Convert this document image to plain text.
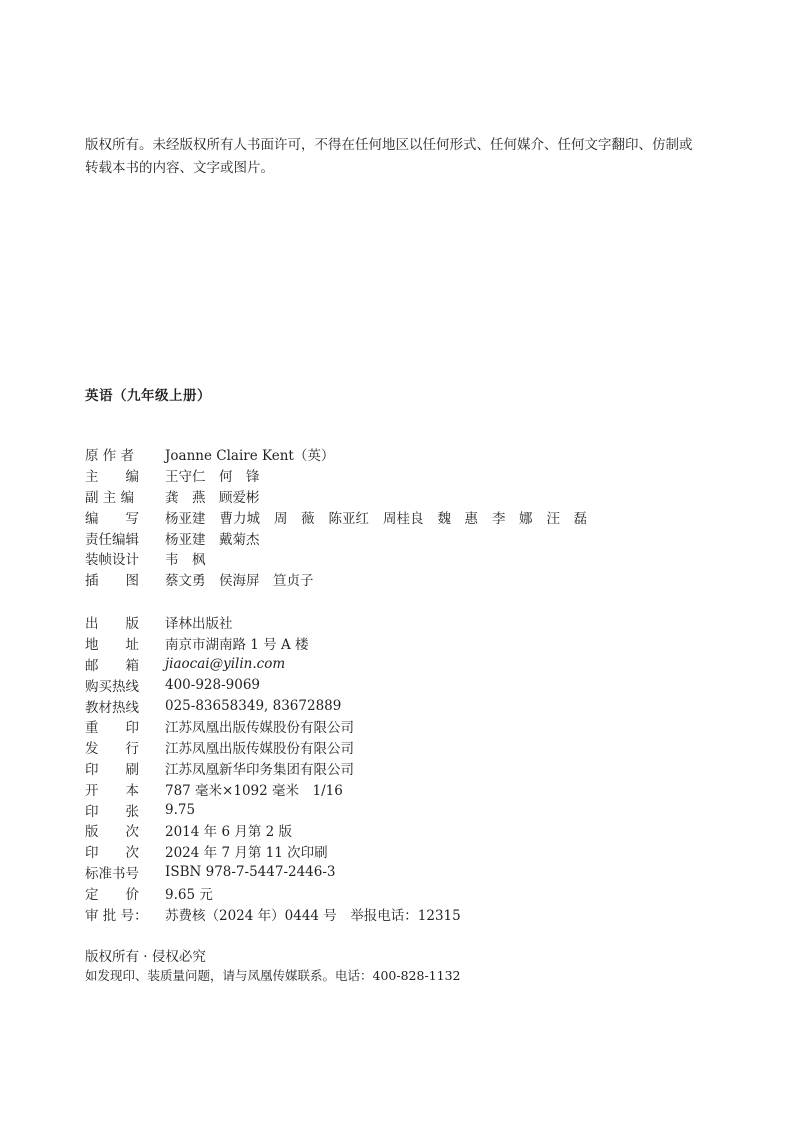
版权所有。未经版权所有人书面许可，不得在任何地区以任何形式、任何媒介、任何文字翻印、仿制或转载本书的内容、文字或图片。

英语（九年级上册）
原 作 者	Joanne Claire Kent（英）
主　　编	王守仁　何　锋
副 主 编	龚　燕　顾爱彬
编　　写	杨亚建 曹力城 周　薇 陈亚红 周桂良 魏　惠 李　娜 汪　磊
责任编辑	杨亚建　戴菊杰
装帧设计	韦　枫
插　　图	蔡文勇　侯海屏　笪贞子
出　　版	译林出版社
地　　址	南京市湖南路 1 号 A 楼
邮　　箱	jiaocai@yilin.com
购买热线	400-928-9069
教材热线	025-83658349, 83672889
重　　印	江苏凤凰出版传媒股份有限公司
发　　行	江苏凤凰出版传媒股份有限公司
印　　刷	江苏凤凰新华印务集团有限公司
开　　本	787 毫米×1092 毫米　1/16
印　　张	9.75
版　　次	2014 年 6 月第 2 版
印　　次	2024 年 7 月第 11 次印刷
标准书号	ISBN 978-7-5447-2446-3
定　　价	9.65 元
审 批 号：	苏费核（2024 年）0444 号　举报电话：12315

版权所有 · 侵权必究

如发现印、装质量问题，请与凤凰传媒联系。电话：400-828-1132
